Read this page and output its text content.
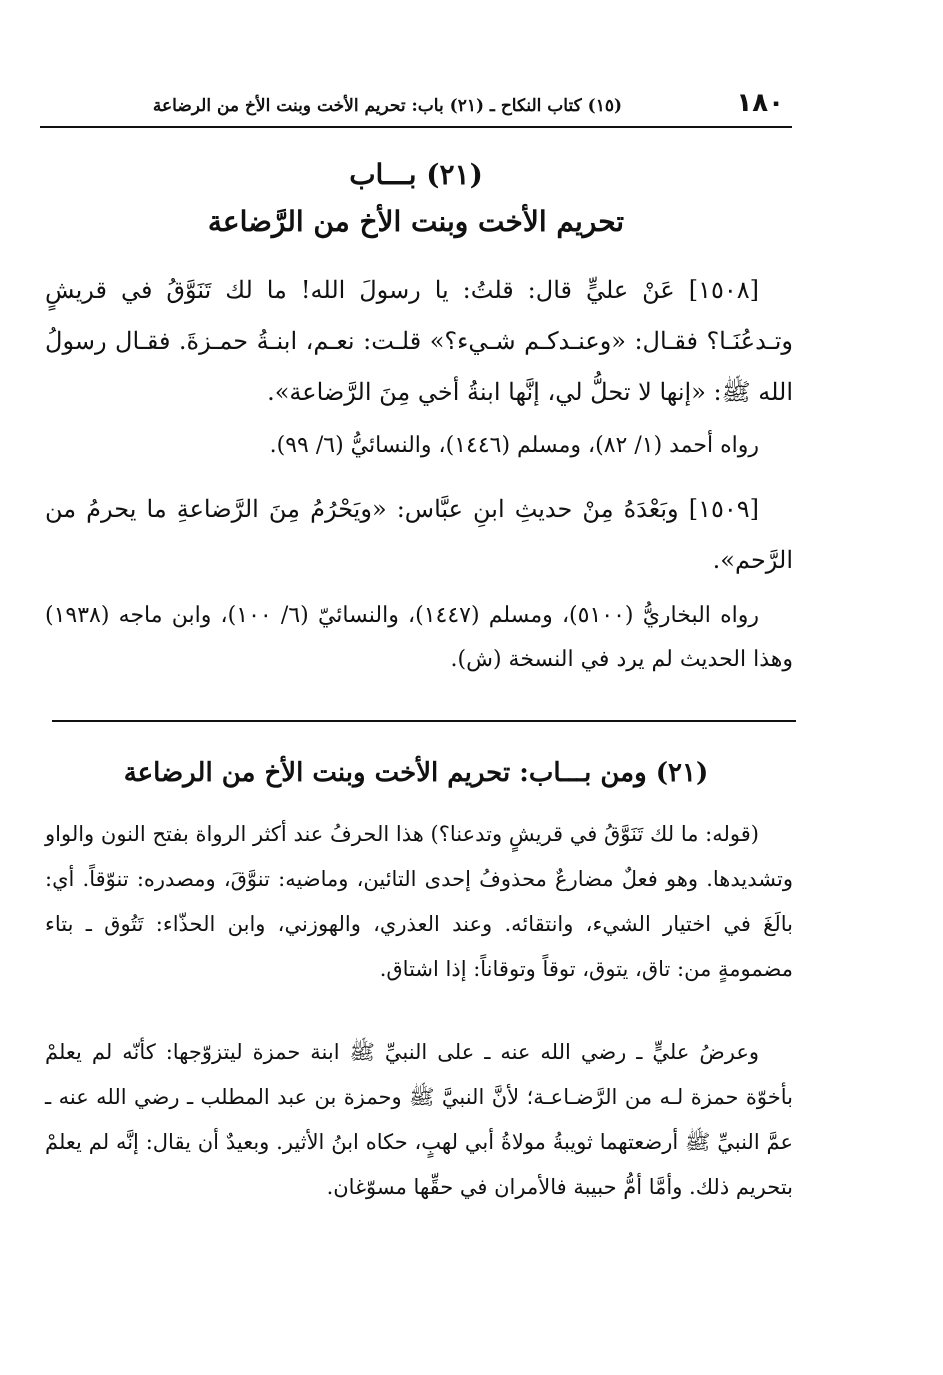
١٨٠
(١٥) كتاب النكاح ـ (٢١) باب: تحريم الأخت وبنت الأخ من الرضاعة
(٢١) بـــاب
تحريم الأخت وبنت الأخ من الرَّضاعة

[١٥٠٨] عَنْ عليٍّ قال: قلتُ: يا رسولَ الله! ما لك تَنَوَّقُ في قريشٍ وتـدعُنَـا؟ فقـال: «وعنـدكـم شـيء؟» قلـت: نعـم، ابنـةُ حمـزةَ. فقـال رسولُ الله ﷺ: «إنها لا تحلُّ لي، إنَّها ابنةُ أخي مِنَ الرَّضاعة».

رواه أحمد (١/ ٨٢)، ومسلم (١٤٤٦)، والنسائيُّ (٦/ ٩٩).

[١٥٠٩] وبَعْدَهُ مِنْ حديثِ ابنِ عبَّاس: «ويَحْرُمُ مِنَ الرَّضاعةِ ما يحرمُ من الرَّحم».

رواه البخاريُّ (٥١٠٠)، ومسلم (١٤٤٧)، والنسائيّ (٦/ ١٠٠)، وابن ماجه (١٩٣٨) وهذا الحديث لم يرد في النسخة (ش).

(٢١) ومن بـــاب: تحريم الأخت وبنت الأخ من الرضاعة

(قوله: ما لك تَنَوَّقُ في قريشٍ وتدعنا؟) هذا الحرفُ عند أكثر الرواة بفتح النون والواو وتشديدها. وهو فعلٌ مضارعٌ محذوفُ إحدى التائين، وماضيه: تنوَّقَ، ومصدره: تنوّقاً. أي: بالَغَ في اختيار الشيء، وانتقائه. وعند العذري، والهوزني، وابن الحذّاء: تَتُوق ـ بتاء مضمومةٍ من: تاق، يتوق، توقاً وتوقاناً: إذا اشتاق.

وعرضُ عليٍّ ـ رضي الله عنه ـ على النبيِّ ﷺ ابنة حمزة ليتزوّجها: كأنّه لم يعلمْ بأخوّة حمزة لـه من الرَّضـاعـة؛ لأنَّ النبيَّ ﷺ وحمزة بن عبد المطلب ـ رضي الله عنه ـ عمَّ النبيِّ ﷺ أرضعتهما ثويبةُ مولاةُ أبي لهبٍ، حكاه ابنُ الأثير. وبعيدٌ أن يقال: إنَّه لم يعلمْ بتحريم ذلك. وأمَّا أمُّ حبيبة فالأمران في حقِّها مسوّغان.
